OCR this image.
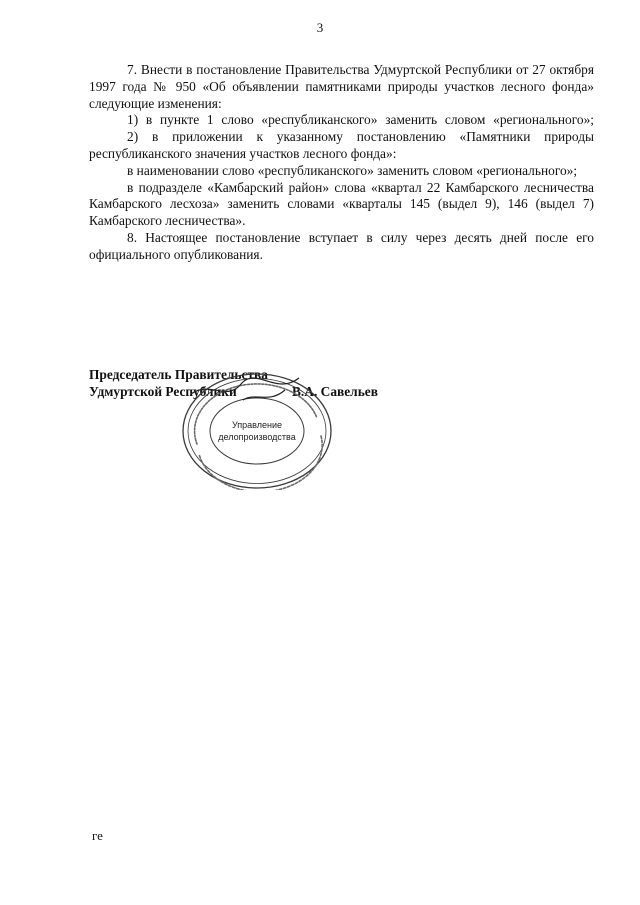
3

7. Внести в постановление Правительства Удмуртской Республики от 27 октября 1997 года № 950 «Об объявлении памятниками природы участков лесного фонда» следующие изменения:

1) в пункте 1 слово «республиканского» заменить словом «регионального»;

2) в приложении к указанному постановлению «Памятники природы республиканского значения участков лесного фонда»:

в наименовании слово «республиканского» заменить словом «регионального»;

в подразделе «Камбарский район» слова «квартал 22 Камбарского лесничества Камбарского лесхоза» заменить словами «кварталы 145 (выдел 9), 146 (выдел 7) Камбарского лесничества».

8. Настоящее постановление вступает в силу через десять дней после его официального опубликования.

Председатель Правительства
Удмуртской Республики	В.А. Савельев
Управление
делопроизводства
ге
